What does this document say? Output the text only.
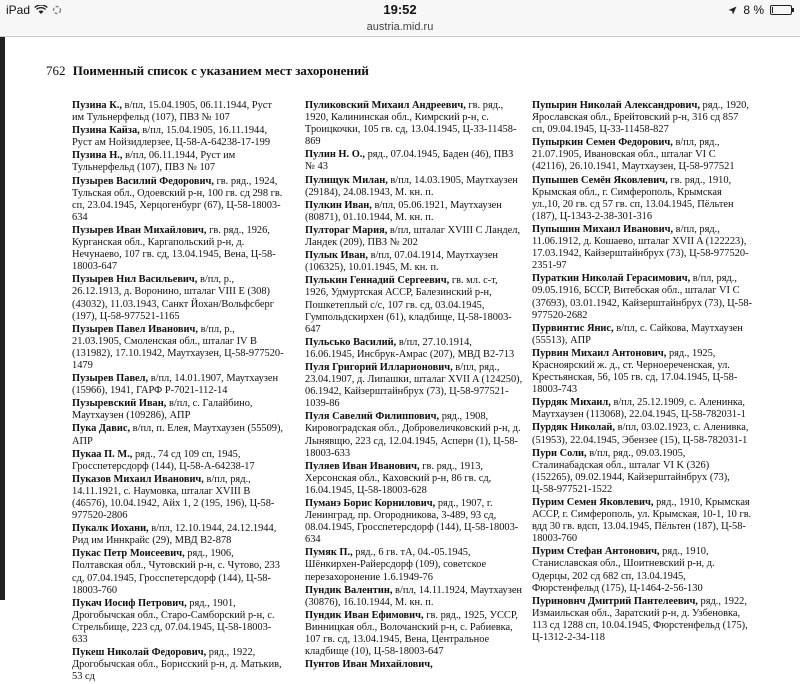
iPad	19:52	8 %
austria.mid.ru
762 Поименный список с указанием мест захоронений
Пузина К., в/пл, 15.04.1905, 06.11.1944, Руст им Тульнерфельд (107), ПВЗ № 107
Пузина Кайза, в/пл, 15.04.1905, 16.11.1944, Руст ам Нойзидлерзее, Ц-58-А-64238-17-199
Пузина Н., в/пл, 06.11.1944, Руст им Тульнерфельд (107), ПВЗ № 107
Пузырев Василий Федорович, гв. ряд., 1924, Тульская обл., Одоевский р-н, 100 гв. сд 298 гв. сп, 23.04.1945, Херцогенбург (67), Ц-58-18003-634
Пузырев Иван Михайлович, гв. ряд., 1926, Курганская обл., Каргапольский р-н, д. Нечунаево, 107 гв. сд, 13.04.1945, Вена, Ц-58-18003-647
Пузырев Нил Васильевич, в/пл, р., 26.12.1913, д. Воронино, шталаг VIII E (308) (43032), 11.03.1943, Санкт Йохан/Вольфсберг (197), Ц-58-977521-1165
Пузырев Павел Иванович, в/пл, р., 21.03.1905, Смоленская обл., шталаг IV B (131982), 17.10.1942, Маутхаузен, Ц-58-977520-1479
Пузырев Павел, в/пл, 14.01.1907, Маутхаузен (15966), 1941, ГАРФ Р-7021-112-14
Пузыревский Иван, в/пл, с. Галайбино, Маутхаузен (109286), АПР
Пука Давис, в/пл, п. Елея, Маутхаузен (55509), АПР
Пукаа П. М., ряд., 74 сд 109 сп, 1945, Гросспетерсдорф (144), Ц-58-А-64238-17
Пуказов Михаил Иванович, в/пл, ряд., 14.11.1921, с. Наумовка, шталаг XVIII B (46576), 10.04.1942, Айх 1, 2 (195, 196), Ц-58-977520-2806
Пукалк Иохани, в/пл, 12.10.1944, 24.12.1944, Рид им Иннкрайс (29), МВД В2-878
Пукас Петр Моисеевич, ряд., 1906, Полтавская обл., Чутовский р-н, с. Чутово, 233 сд, 07.04.1945, Гросспетерсдорф (144), Ц-58-18003-760
Пукач Иосиф Петрович, ряд., 1901, Дрогобычская обл., Старо-Самборский р-н, с. Стрельбище, 223 сд, 07.04.1945, Ц-58-18003-633
Пукеш Николай Федорович, ряд., 1922, Дрогобычская обл., Борисский р-н, д. Матькив, 53 сд
Пуликовский Михаил Андреевич, гв. ряд., 1920, Калининская обл., Кимрский р-н, с. Троицкочки, 105 гв. сд, 13.04.1945, Ц-33-11458-869
Пулин Н. О., ряд., 07.04.1945, Баден (46), ПВЗ № 43
Пулищук Милан, в/пл, 14.03.1905, Маутхаузен (29184), 24.08.1943, М. кн. п.
Пулкин Иван, в/пл, 05.06.1921, Маутхаузен (80871), 01.10.1944, М. кн. п.
Пултораг Мария, в/пл, шталаг XVIII C Ландел, Ландек (209), ПВЗ № 202
Пулык Иван, в/пл, 07.04.1914, Маутхаузен (106325), 10.01.1945, М. кн. п.
Пулькин Геннадий Сергеевич, гв. мл. с-т, 1926, Удмуртская АССР, Балезинский р-н, Пошкетеплый с/с, 107 гв. сд, 03.04.1945, Гумпольдскирхен (61), кладбище, Ц-58-18003-647
Пульсько Василий, в/пл, 27.10.1914, 16.06.1945, Инсбрук-Амрас (207), МВД В2-713
Пуля Григорий Илларионович, в/пл, ряд., 23.04.1907, д. Липашки, шталаг XVII A (124250), 06.1942, Кайзерштайнбрух (73), Ц-58-977521-1039-86
Пуля Савелий Филиппович, ряд., 1908, Кировоградская обл., Добровеличковский р-н, д. Лынявщю, 223 сд, 12.04.1945, Асперн (1), Ц-58-18003-633
Пуляев Иван Иванович, гв. ряд., 1913, Херсонская обл., Каховский р-н, 86 гв. сд, 16.04.1945, Ц-58-18003-628
Пуманэ Борис Корнилович, ряд., 1907, г. Ленинград, пр. Огородникова, 3-489, 93 сд, 08.04.1945, Гросспетерсдорф (144), Ц-58-18003-634
Пумяк П., ряд., 6 гв. тА, 04.-05.1945, Шёнкирхен-Райерсдорф (109), советское перезахоронение 1.6.1949-76
Пундик Валентин, в/пл, 14.11.1924, Маутхаузен (30876), 16.10.1944, М. кн. п.
Пундик Иван Ефимович, гв. ряд., 1925, УССР, Винницкая обл., Волочанский р-н, с. Рабиевка, 107 гв. сд, 13.04.1945, Вена, Центральное кладбище (10), Ц-58-18003-647
Пунтов Иван Михайлович,
Пупырин Николай Александрович, ряд., 1920, Ярославская обл., Брейтовский р-н, 316 сд 857 сп, 09.04.1945, Ц-33-11458-827
Пупыркин Семен Федорович, в/пл, ряд., 21.07.1905, Ивановская обл., шталаг VI C (42116), 26.10.1941, Маутхаузен, Ц-58-977521
Пупышев Семён Яковлевич, гв. ряд., 1910, Крымская обл., г. Симферополь, Крымская ул.,10, 20 гв. сд 57 гв. сп, 13.04.1945, Пёльтен (187), Ц-1343-2-38-301-316
Пупышин Михаил Иванович, в/пл, ряд., 11.06.1912, д. Кошаево, шталаг XVII A (122223), 17.03.1942, Кайзерштайнбрух (73), Ц-58-977520-2351-97
Пураткин Николай Герасимович, в/пл, ряд., 09.05.1916, БССР, Витебская обл., шталаг VI C (37693), 03.01.1942, Кайзерштайнбрух (73), Ц-58-977520-2682
Пурвинтис Янис, в/пл, с. Сайкова, Маутхаузен (55513), АПР
Пурвин Михаил Антонович, ряд., 1925, Красноярский ж. д., ст. Черноереченская, ул. Крестьянская, 56, 105 гв. сд, 17.04.1945, Ц-58-18003-743
Пурдяк Михаил, в/пл, 25.12.1909, с. Аленинка, Маутхаузен (113068), 22.04.1945, Ц-58-782031-1
Пурдяк Николай, в/пл, 03.02.1923, с. Аленивка,(51953), 22.04.1945, Эбензее (15), Ц-58-782031-1
Пури Соли, в/пл, ряд., 09.03.1905, Сталинабадская обл., шталаг VI K (326) (152265), 09.02.1944, Кайзерштайнбрух (73), Ц-58-977521-1522
Пурим Семен Яковлевич, ряд., 1910, Крымская АССР, г. Симферополь, ул. Крымская, 10-1, 10 гв. вдд 30 гв. вдсп, 13.04.1945, Пёльтен (187), Ц-58-18003-760
Пурим Стефан Антонович, ряд., 1910, Станиславская обл., Шоитневский р-н, д. Одерцы, 202 сд 682 сп, 13.04.1945, Фюрстенфельд (175), Ц-1464-2-56-130
Пуриновнч Дмитрий Пантелеевич, ряд., 1922, Измаильская обл., Заратский р-н, д. Узбеновка, 113 сд 1288 сп, 10.04.1945, Фюрстенфельд (175), Ц-1312-2-34-118
